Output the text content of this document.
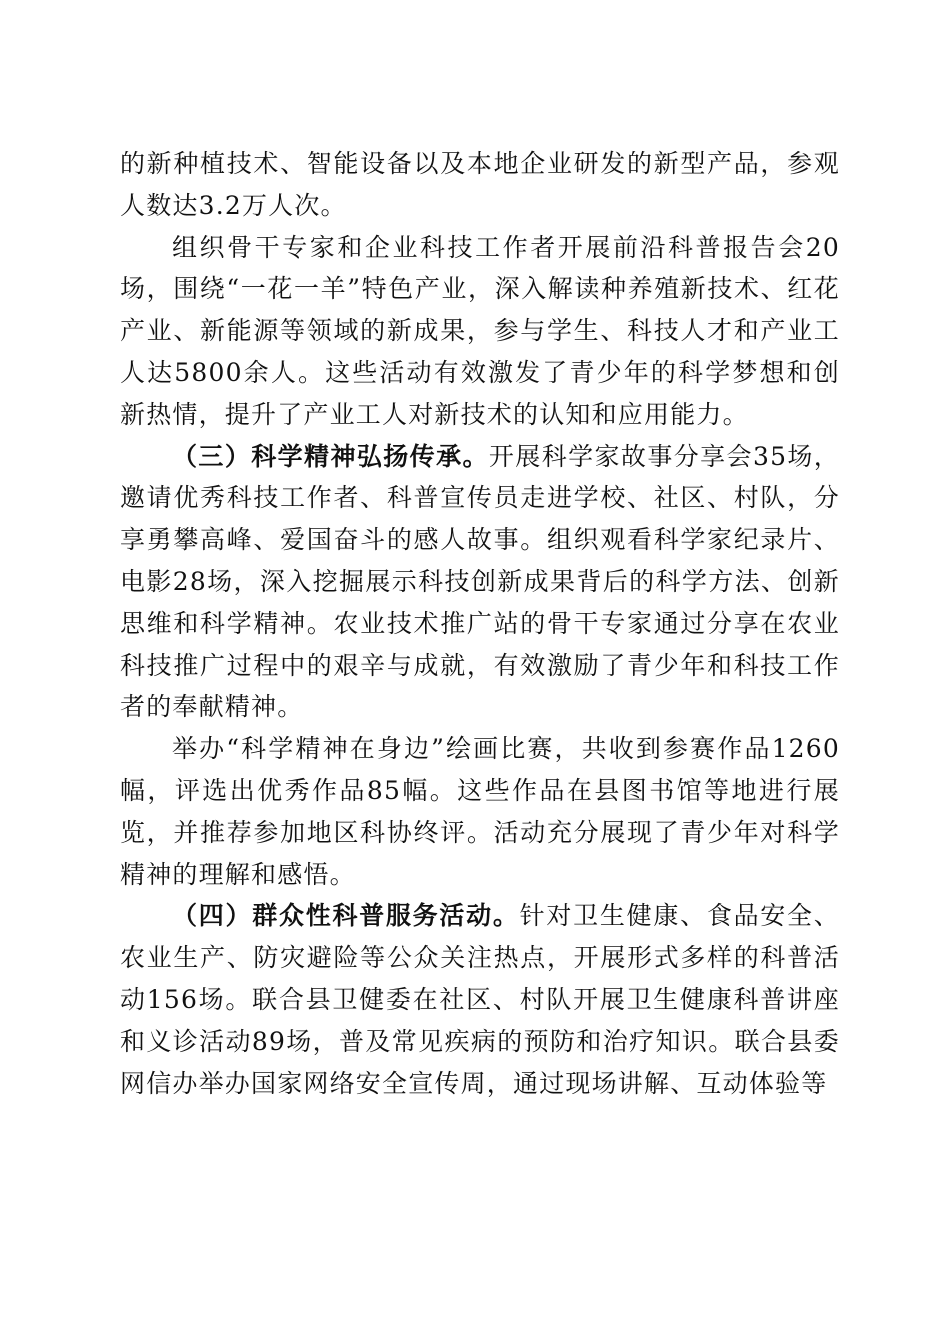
的新种植技术、智能设备以及本地企业研发的新型产品，参观人数达3.2万人次。

组织骨干专家和企业科技工作者开展前沿科普报告会20场，围绕“一花一羊”特色产业，深入解读种养殖新技术、红花产业、新能源等领域的新成果，参与学生、科技人才和产业工人达5800余人。这些活动有效激发了青少年的科学梦想和创新热情，提升了产业工人对新技术的认知和应用能力。

（三）科学精神弘扬传承。开展科学家故事分享会35场，邀请优秀科技工作者、科普宣传员走进学校、社区、村队，分享勇攀高峰、爱国奋斗的感人故事。组织观看科学家纪录片、电影28场，深入挖掘展示科技创新成果背后的科学方法、创新思维和科学精神。农业技术推广站的骨干专家通过分享在农业科技推广过程中的艰辛与成就，有效激励了青少年和科技工作者的奉献精神。

举办“科学精神在身边”绘画比赛，共收到参赛作品1260幅，评选出优秀作品85幅。这些作品在县图书馆等地进行展览，并推荐参加地区科协终评。活动充分展现了青少年对科学精神的理解和感悟。

（四）群众性科普服务活动。针对卫生健康、食品安全、农业生产、防灾避险等公众关注热点，开展形式多样的科普活动156场。联合县卫健委在社区、村队开展卫生健康科普讲座和义诊活动89场，普及常见疾病的预防和治疗知识。联合县委网信办举办国家网络安全宣传周，通过现场讲解、互动体验等
